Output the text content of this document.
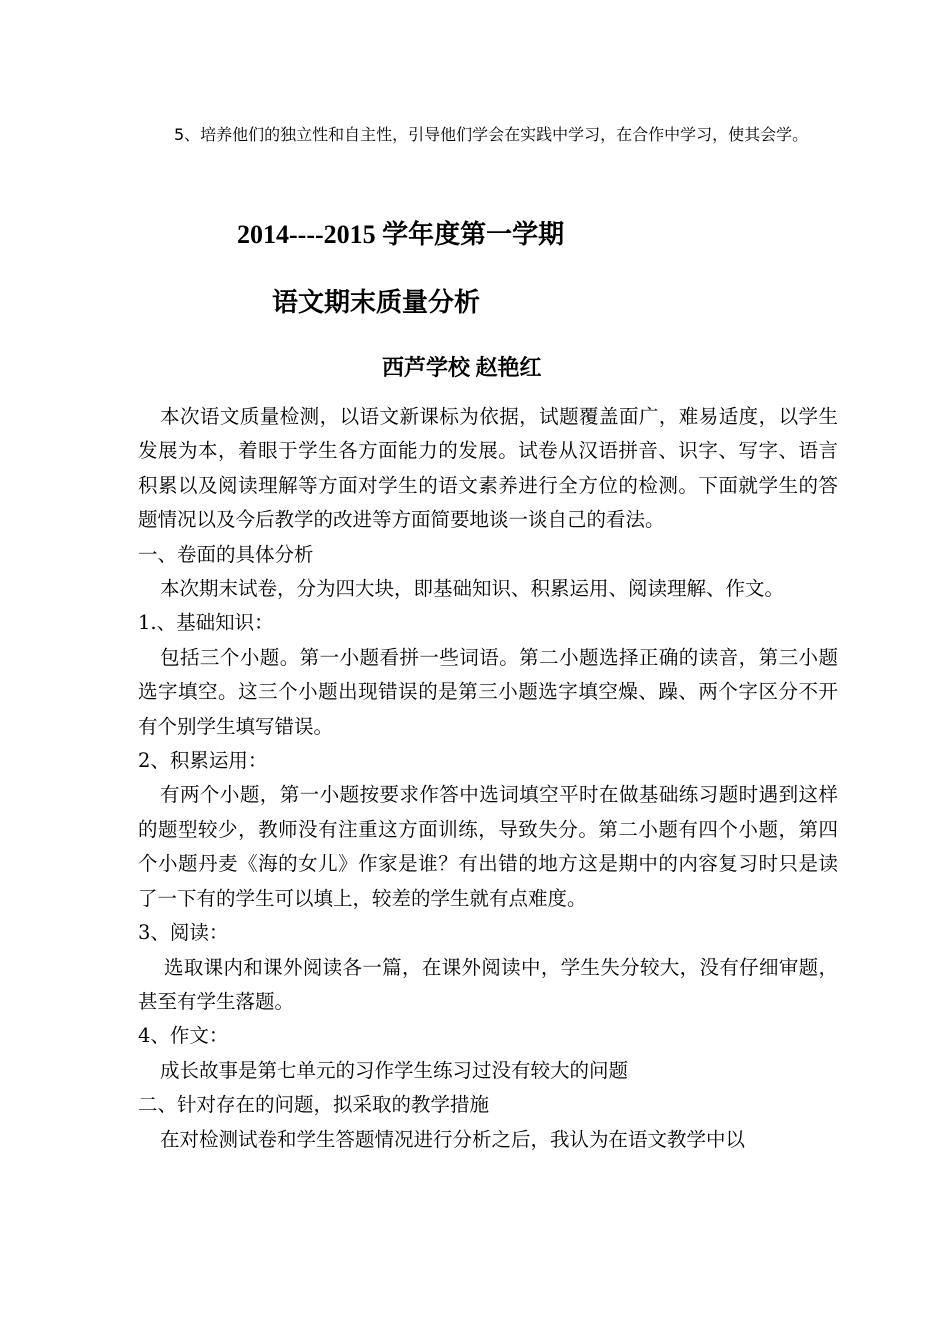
5、培养他们的独立性和自主性，引导他们学会在实践中学习，在合作中学习，使其会学。

2014----2015 学年度第一学期
语文期末质量分析
西芦学校 赵艳红

本次语文质量检测，以语文新课标为依据，试题覆盖面广，难易适度，以学生发展为本，着眼于学生各方面能力的发展。试卷从汉语拼音、识字、写字、语言积累以及阅读理解等方面对学生的语文素养进行全方位的检测。下面就学生的答题情况以及今后教学的改进等方面简要地谈一谈自己的看法。

一、卷面的具体分析

本次期末试卷，分为四大块，即基础知识、积累运用、阅读理解、作文。

1.、基础知识：

包括三个小题。第一小题看拼一些词语。第二小题选择正确的读音，第三小题选字填空。这三个小题出现错误的是第三小题选字填空燥、躁、两个字区分不开有个别学生填写错误。

2、积累运用：

有两个小题，第一小题按要求作答中选词填空平时在做基础练习题时遇到这样的题型较少，教师没有注重这方面训练，导致失分。第二小题有四个小题，第四个小题丹麦《海的女儿》作家是谁？有出错的地方这是期中的内容复习时只是读了一下有的学生可以填上，较差的学生就有点难度。

3、阅读：

选取课内和课外阅读各一篇，在课外阅读中，学生失分较大，没有仔细审题，甚至有学生落题。

4、作文：

成长故事是第七单元的习作学生练习过没有较大的问题

二、针对存在的问题，拟采取的教学措施

在对检测试卷和学生答题情况进行分析之后，我认为在语文教学中以
